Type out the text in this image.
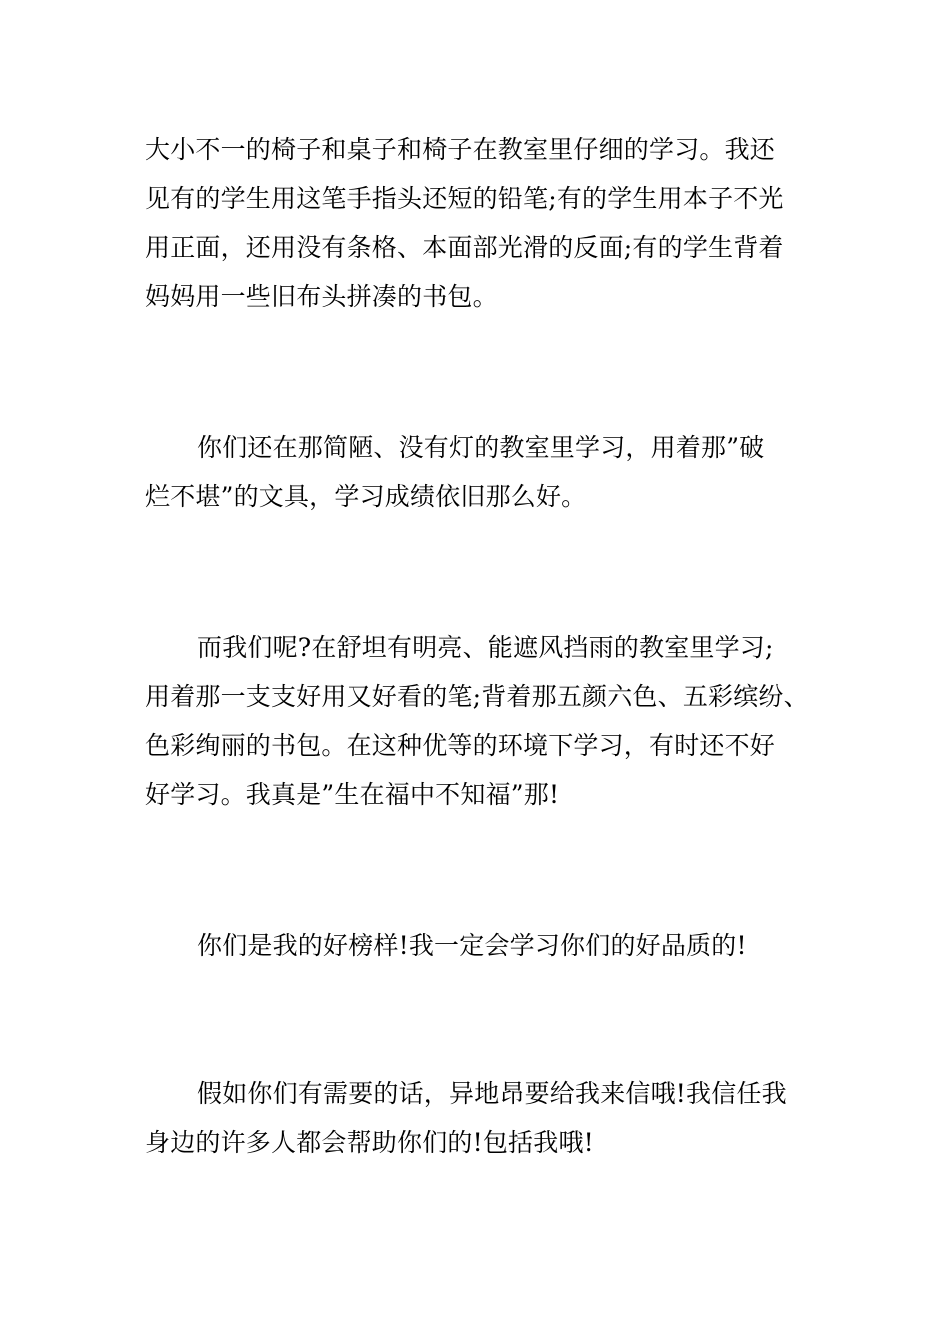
大小不一的椅子和桌子和椅子在教室里仔细的学习。我还
见有的学生用这笔手指头还短的铅笔;有的学生用本子不光
用正面，还用没有条格、本面部光滑的反面;有的学生背着
妈妈用一些旧布头拼凑的书包。
你们还在那简陋、没有灯的教室里学习，用着那”破
烂不堪”的文具，学习成绩依旧那么好。
而我们呢?在舒坦有明亮、能遮风挡雨的教室里学习;
用着那一支支好用又好看的笔;背着那五颜六色、五彩缤纷、
色彩绚丽的书包。在这种优等的环境下学习，有时还不好
好学习。我真是”生在福中不知福”那!
你们是我的好榜样!我一定会学习你们的好品质的!
假如你们有需要的话，异地昂要给我来信哦!我信任我
身边的许多人都会帮助你们的!包括我哦!
